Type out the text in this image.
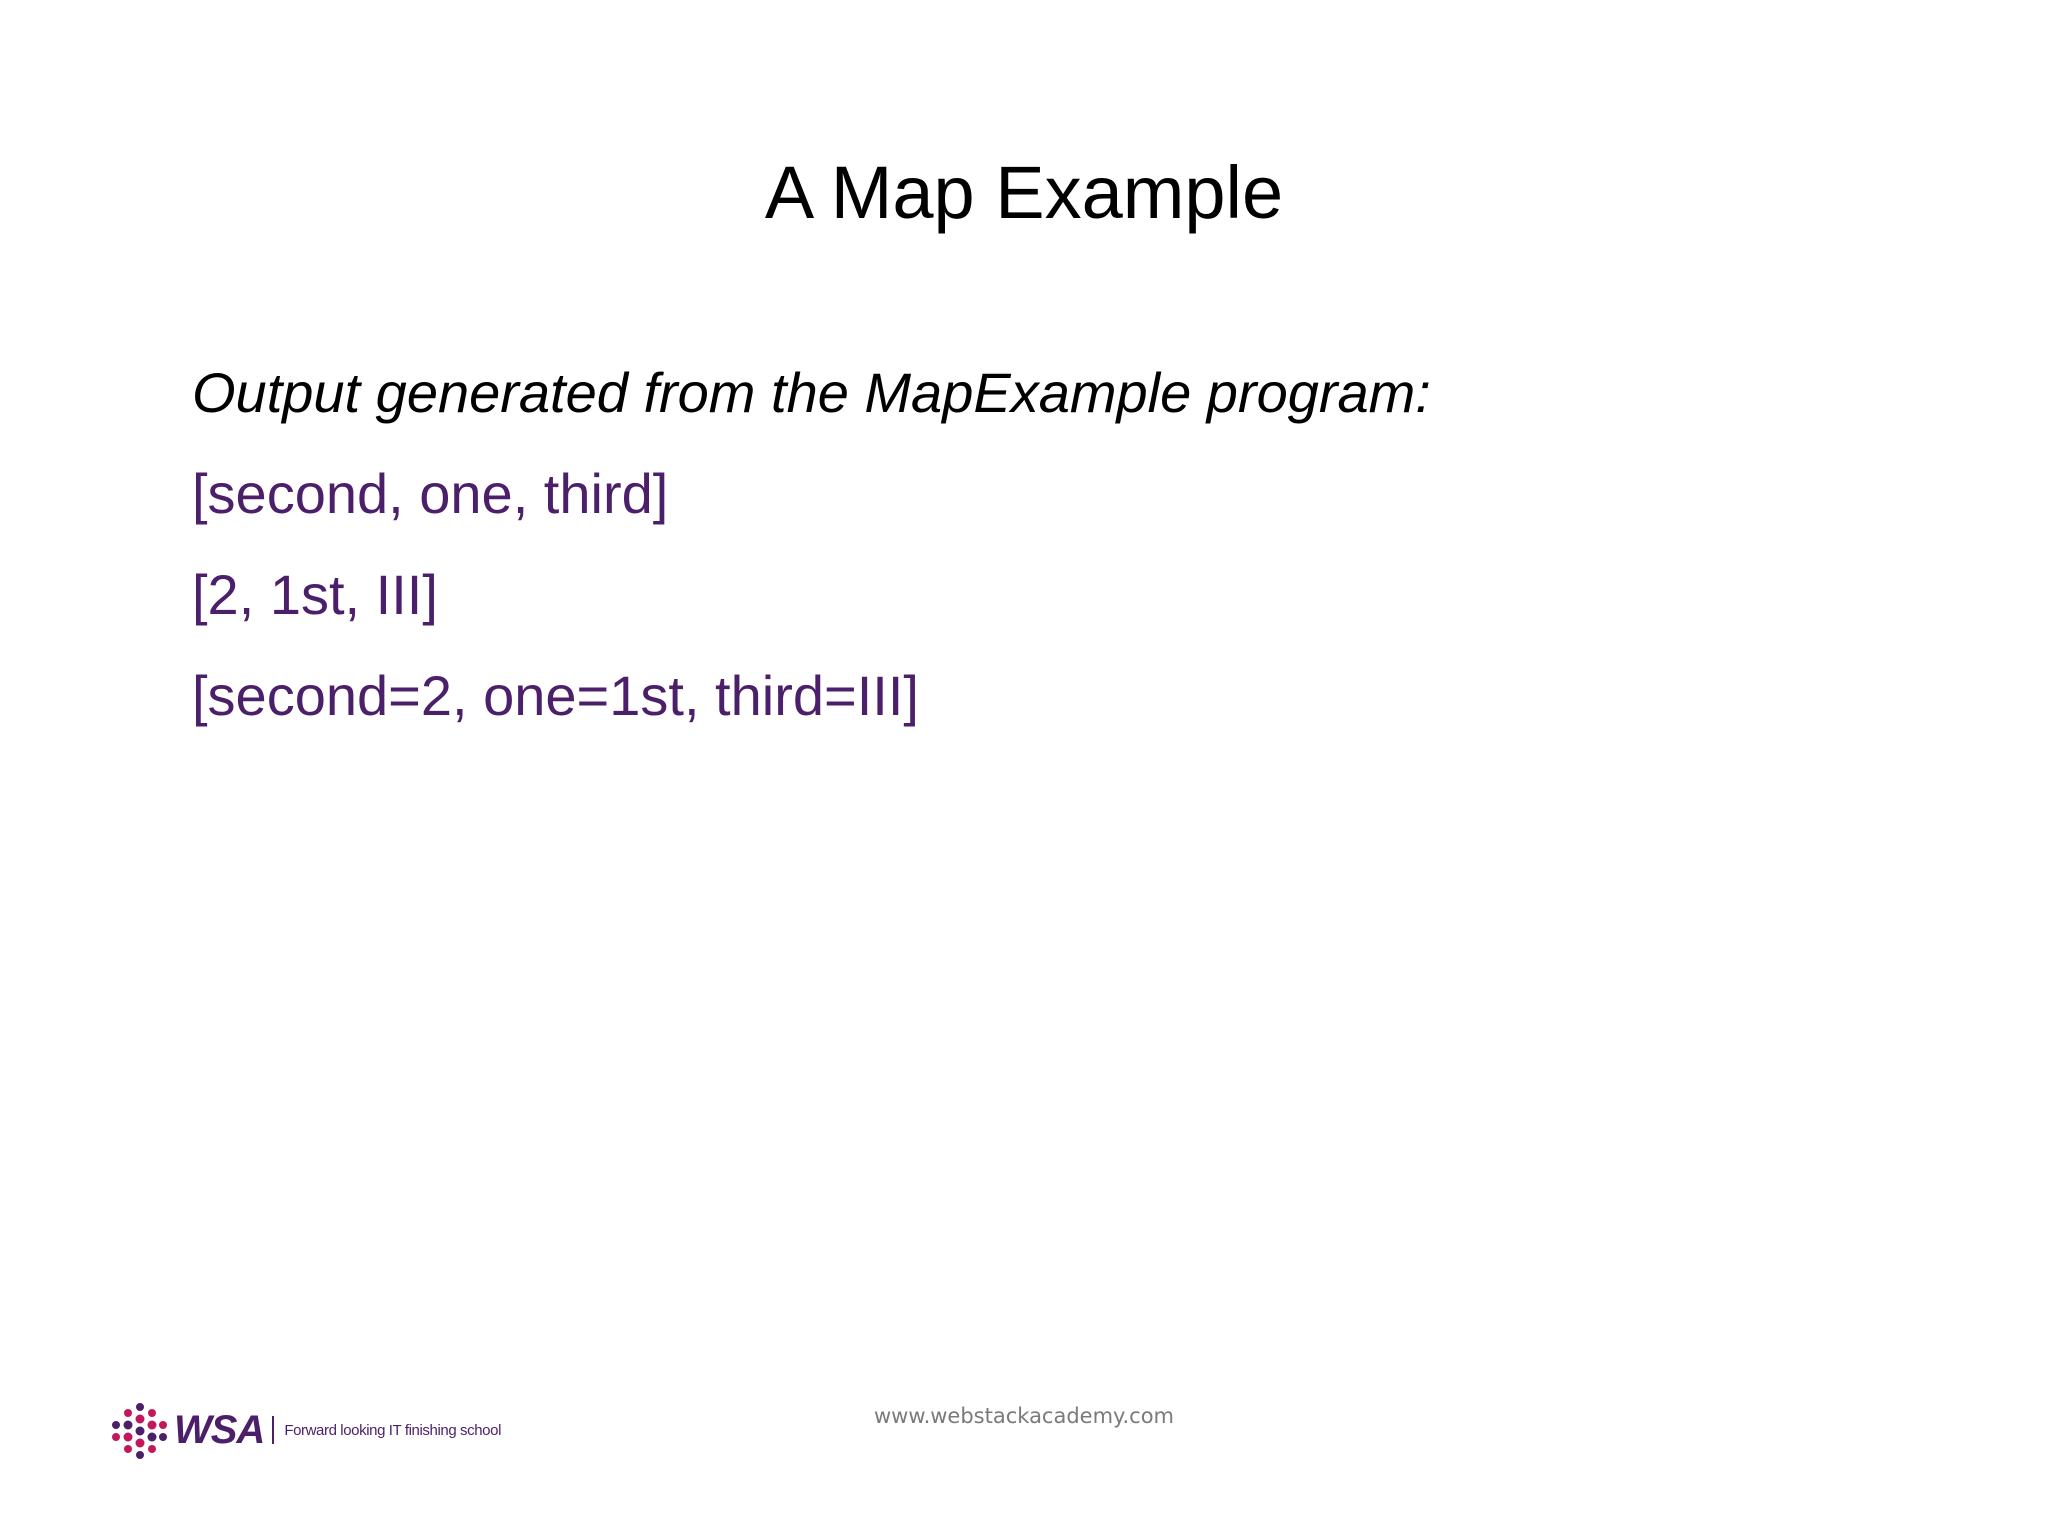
A Map Example
Output generated from the MapExample program:
[second, one, third]
[2, 1st, III]
[second=2, one=1st, third=III]
WSA Forward looking IT finishing school
www.webstackacademy.com
